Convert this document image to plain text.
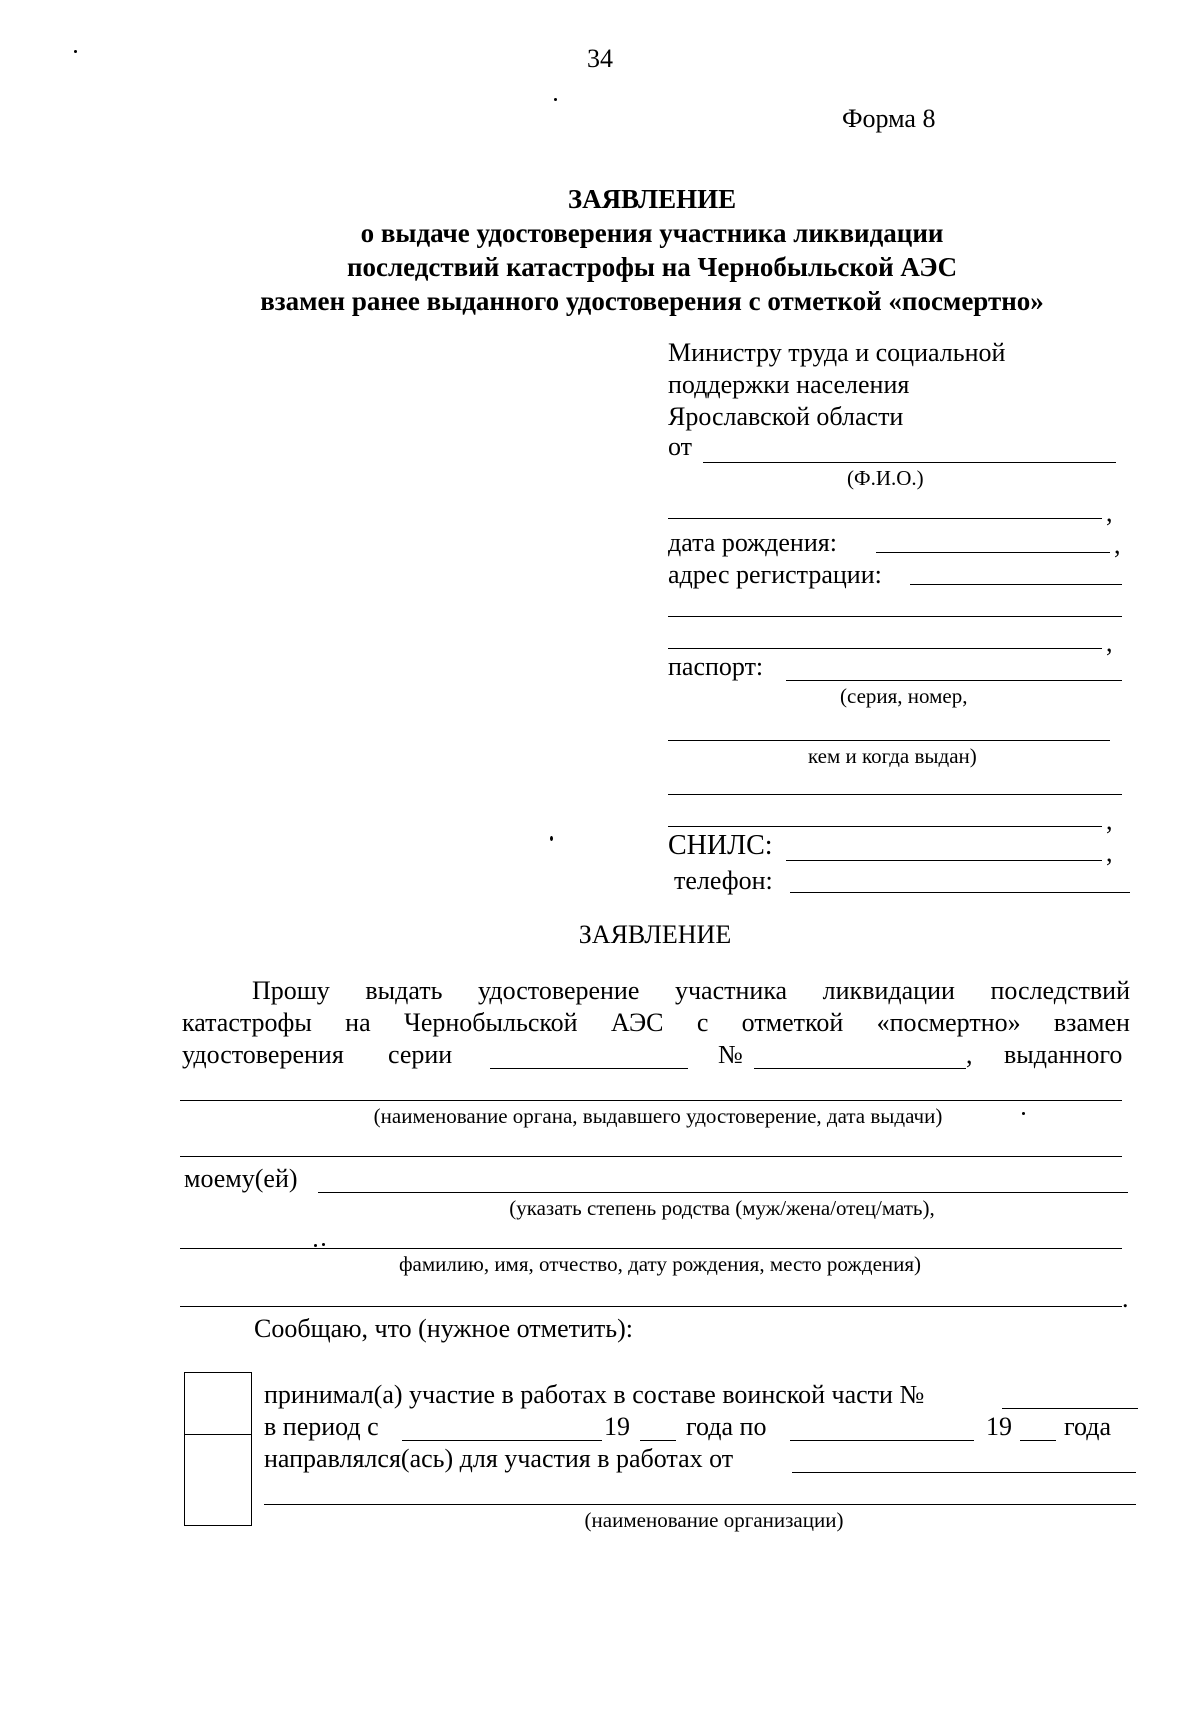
34
Форма 8
ЗАЯВЛЕНИЕ
о выдаче удостоверения участника ликвидации
последствий катастрофы на Чернобыльской АЭС
взамен ранее выданного удостоверения с отметкой «посмертно»
Министру труда и социальной
поддержки населения
Ярославской области
от
(Ф.И.О.)
,
дата рождения:	,
адрес регистрации:
,
паспорт:
(серия, номер,
кем и когда выдан)
,
СНИЛС:	,
телефон:
ЗАЯВЛЕНИЕ
Прошу выдать удостоверение участника ликвидации последствий
катастрофы на Чернобыльской АЭС с отметкой «посмертно» взамен
удостоверения серии	№	, выданного
(наименование органа, выдавшего удостоверение, дата выдачи)
моему(ей)
(указать степень родства (муж/жена/отец/мать),
фамилию, имя, отчество, дату рождения, место рождения)
.
Сообщаю, что (нужное отметить):
принимал(а) участие в работах в составе воинской части №
в период с	19 года по	19 года
направлялся(ась) для участия в работах от
(наименование организации)
